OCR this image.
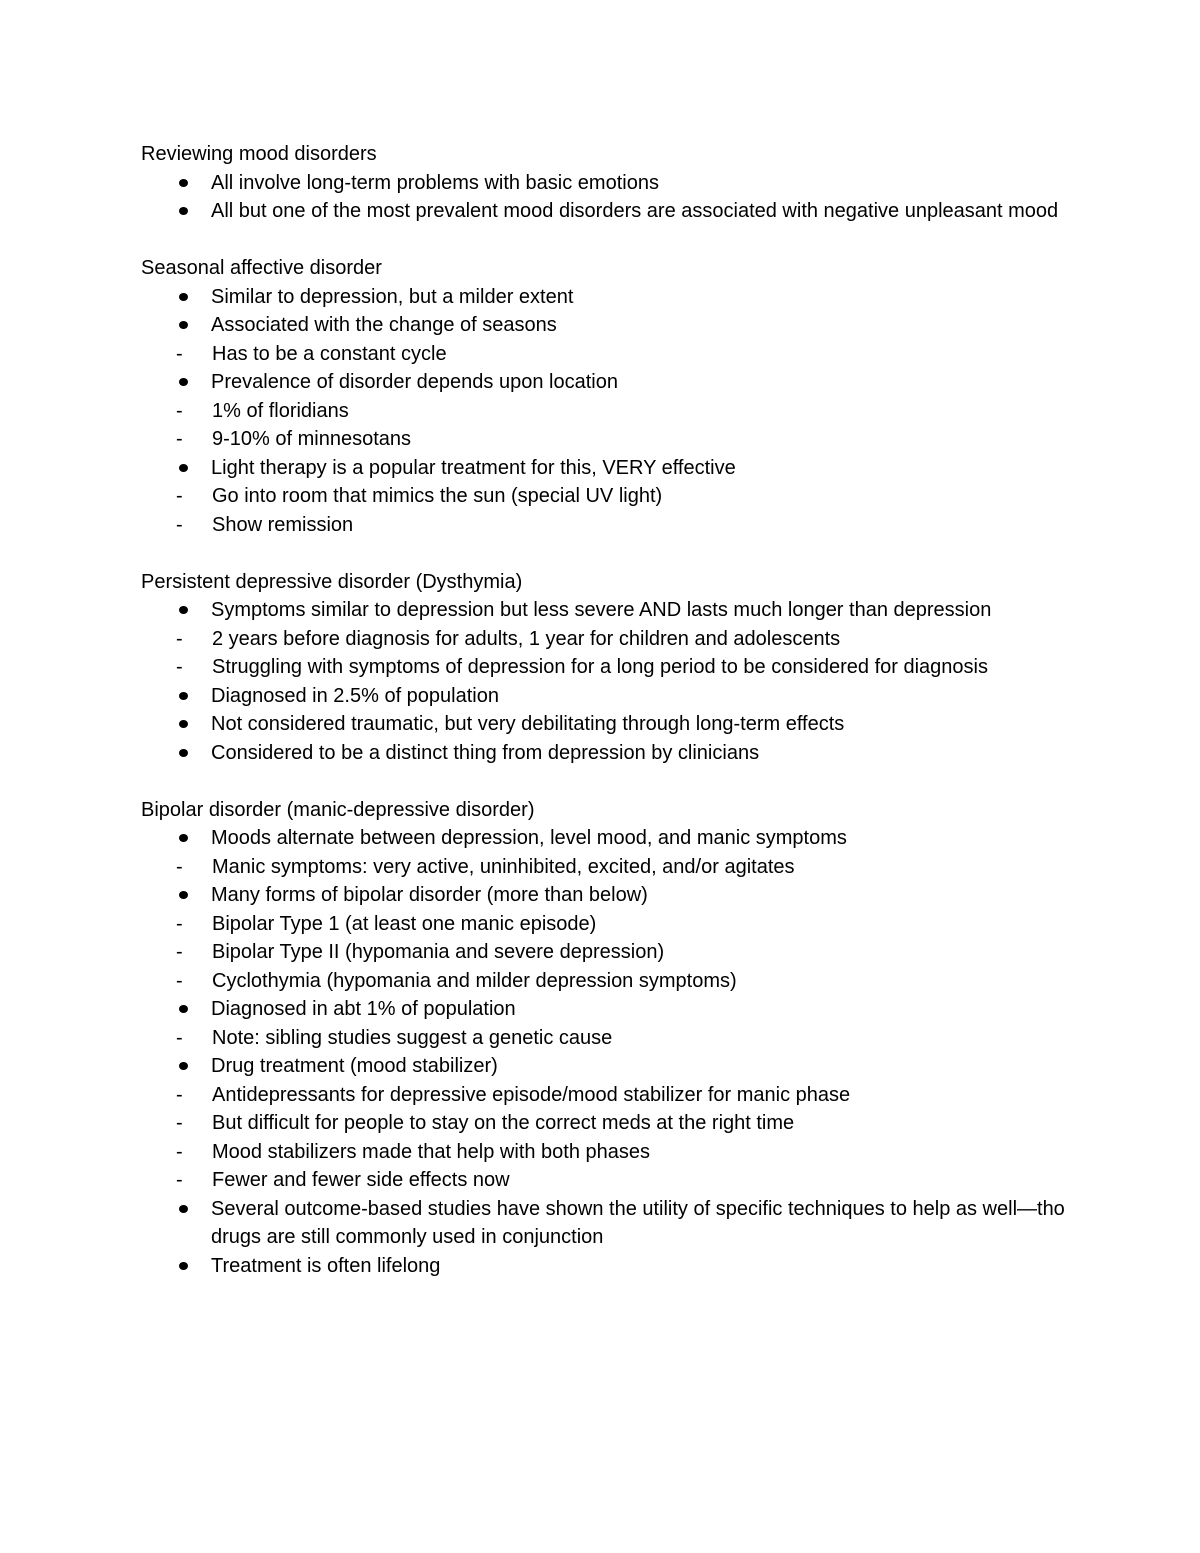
Reviewing mood disorders

All involve long-term problems with basic emotions
All but one of the most prevalent mood disorders are associated with negative unpleasant mood

Seasonal affective disorder

Similar to depression, but a milder extent
Associated with the change of seasons
- Has to be a constant cycle
Prevalence of disorder depends upon location
- 1% of floridians
- 9-10% of minnesotans
Light therapy is a popular treatment for this, VERY effective
- Go into room that mimics the sun (special UV light)
- Show remission

Persistent depressive disorder (Dysthymia)

Symptoms similar to depression but less severe AND lasts much longer than depression
- 2 years before diagnosis for adults, 1 year for children and adolescents
- Struggling with symptoms of depression for a long period to be considered for diagnosis
Diagnosed in 2.5% of population
Not considered traumatic, but very debilitating through long-term effects
Considered to be a distinct thing from depression by clinicians

Bipolar disorder (manic-depressive disorder)

Moods alternate between depression, level mood, and manic symptoms
- Manic symptoms: very active, uninhibited, excited, and/or agitates
Many forms of bipolar disorder (more than below)
- Bipolar Type 1 (at least one manic episode)
- Bipolar Type II (hypomania and severe depression)
- Cyclothymia (hypomania and milder depression symptoms)
Diagnosed in abt 1% of population
- Note: sibling studies suggest a genetic cause
Drug treatment (mood stabilizer)
- Antidepressants for depressive episode/mood stabilizer for manic phase
- But difficult for people to stay on the correct meds at the right time
- Mood stabilizers made that help with both phases
- Fewer and fewer side effects now
Several outcome-based studies have shown the utility of specific techniques to help as well—tho drugs are still commonly used in conjunction
Treatment is often lifelong
